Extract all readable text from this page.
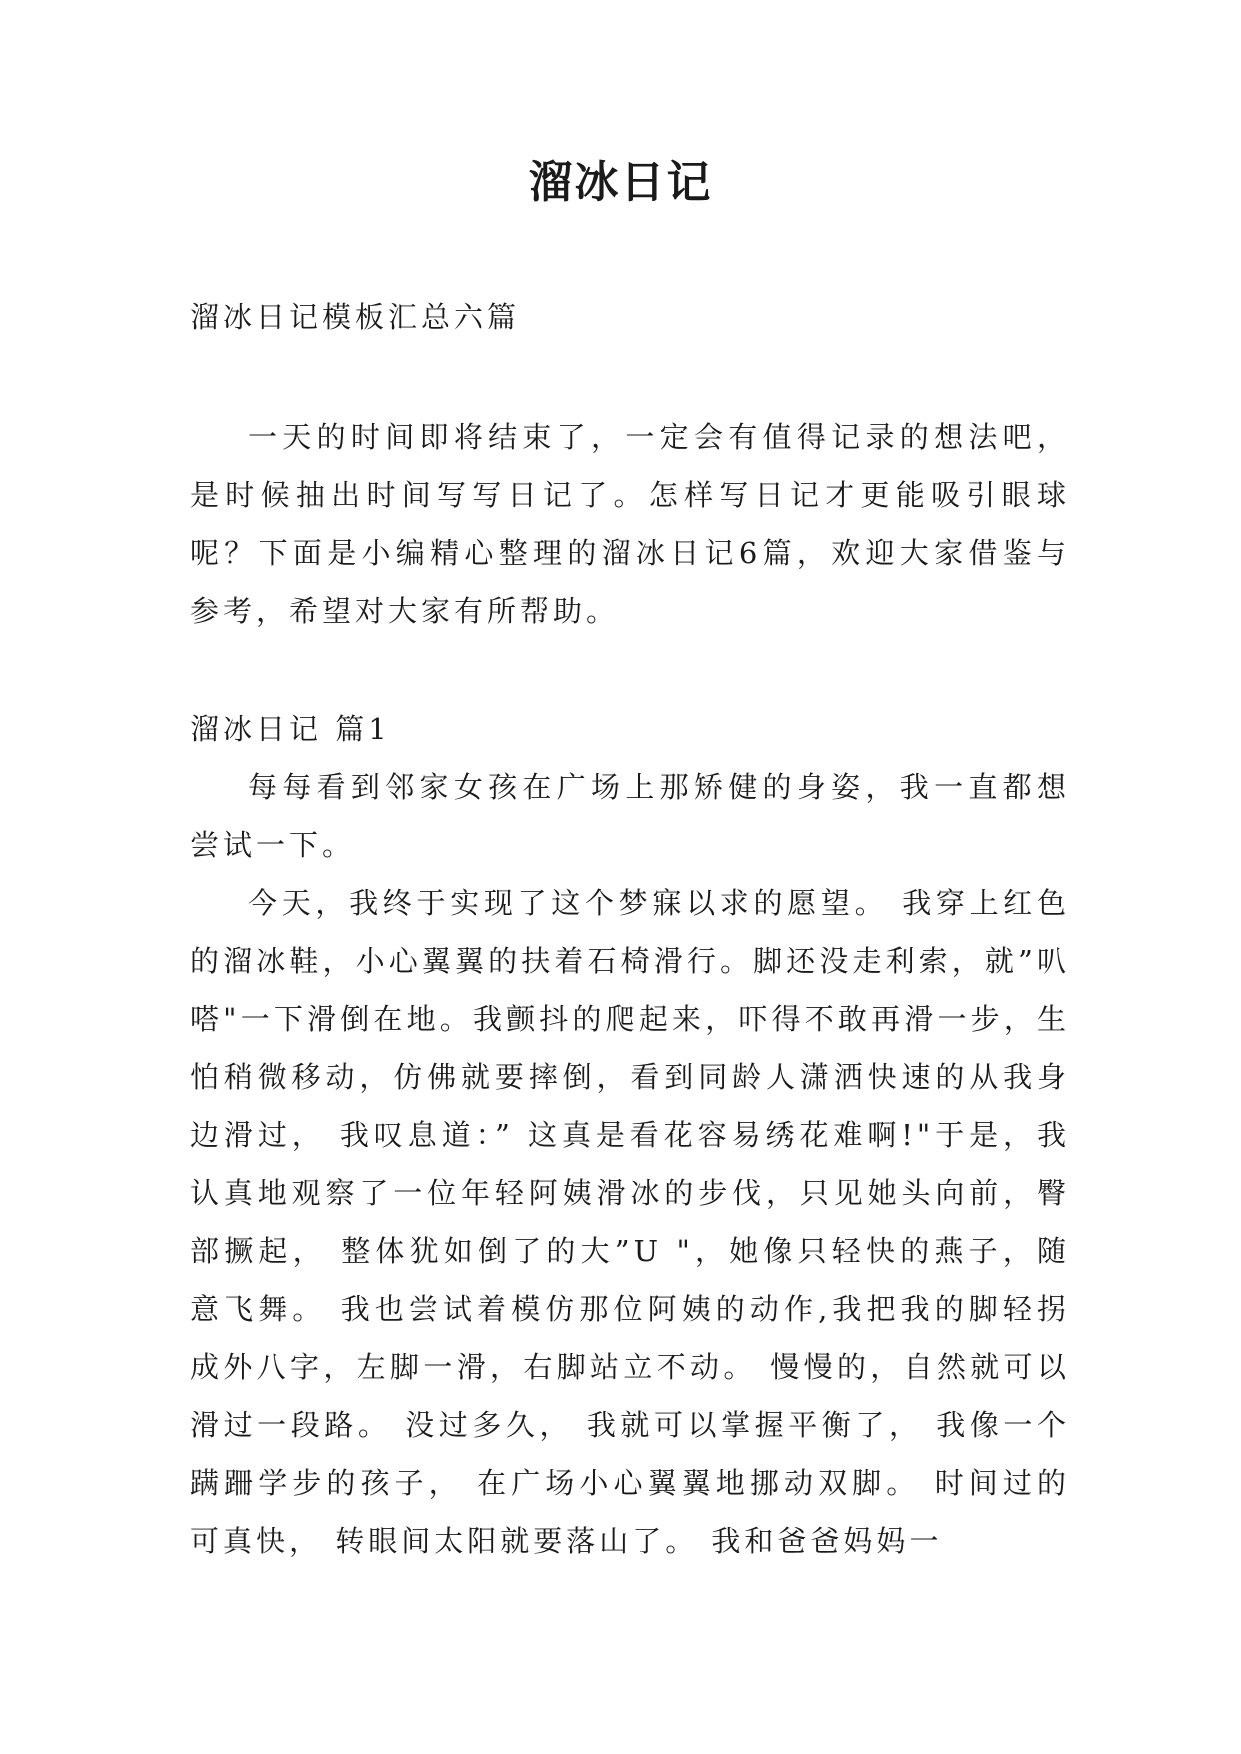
溜冰日记

溜冰日记模板汇总六篇

一天的时间即将结束了，一定会有值得记录的想法吧，是时候抽出时间写写日记了。怎样写日记才更能吸引眼球呢？下面是小编精心整理的溜冰日记6篇，欢迎大家借鉴与参考，希望对大家有所帮助。

溜冰日记 篇1

每每看到邻家女孩在广场上那矫健的身姿，我一直都想尝试一下。

今天，我终于实现了这个梦寐以求的愿望。 我穿上红色的溜冰鞋，小心翼翼的扶着石椅滑行。脚还没走利索，就”叭嗒"一下滑倒在地。我颤抖的爬起来，吓得不敢再滑一步，生怕稍微移动，仿佛就要摔倒，看到同龄人潇洒快速的从我身边滑过， 我叹息道：” 这真是看花容易绣花难啊!"于是，我认真地观察了一位年轻阿姨滑冰的步伐，只见她头向前，臀部撅起， 整体犹如倒了的大”U "，她像只轻快的燕子，随意飞舞。 我也尝试着模仿那位阿姨的动作,我把我的脚轻拐成外八字，左脚一滑，右脚站立不动。 慢慢的，自然就可以滑过一段路。 没过多久， 我就可以掌握平衡了， 我像一个蹒跚学步的孩子， 在广场小心翼翼地挪动双脚。 时间过的可真快， 转眼间太阳就要落山了。 我和爸爸妈妈一
